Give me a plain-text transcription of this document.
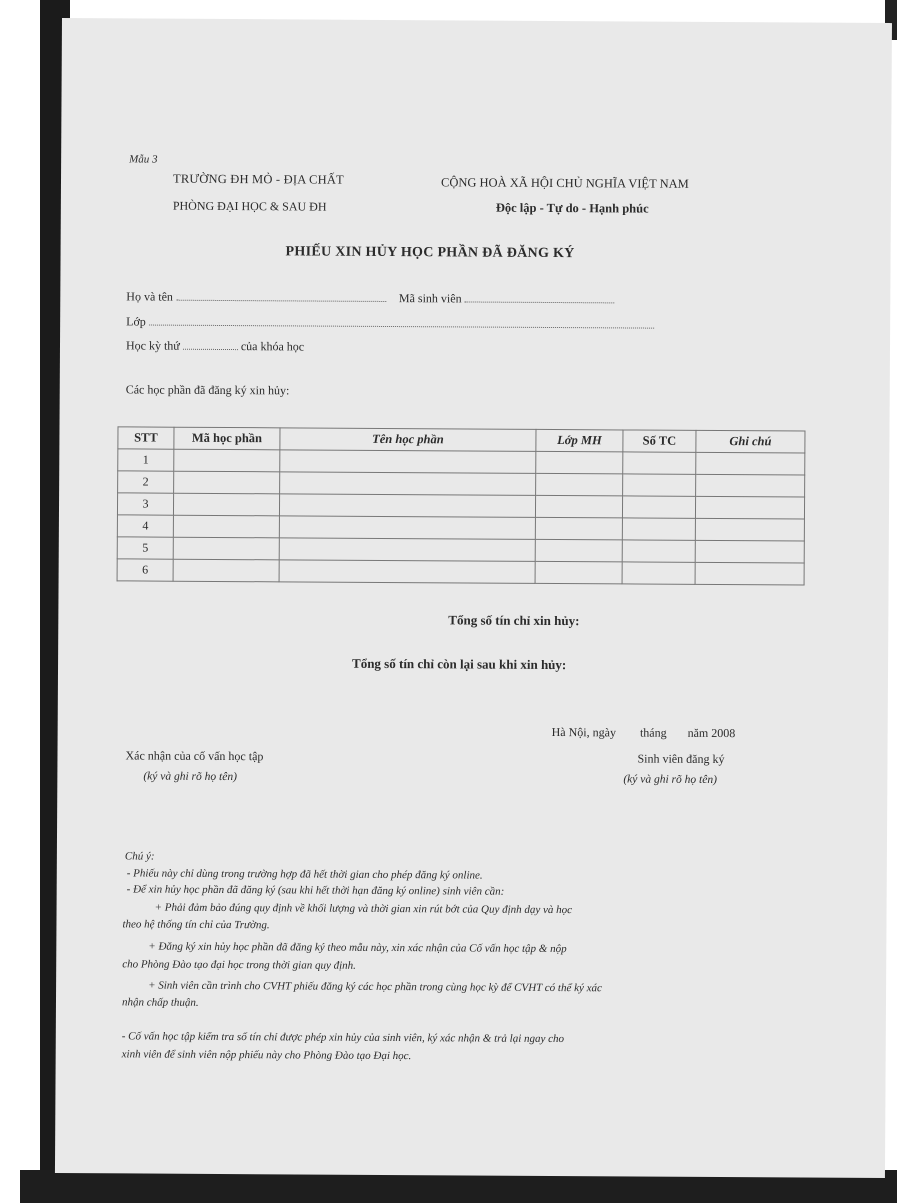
Mẫu 3
TRƯỜNG ĐH MỎ - ĐỊA CHẤT
PHÒNG ĐẠI HỌC & SAU ĐH
CỘNG HOÀ XÃ HỘI CHỦ NGHĨA VIỆT NAM
Độc lập - Tự do - Hạnh phúc
PHIẾU XIN HỦY HỌC PHẦN ĐÃ ĐĂNG KÝ
Họ và tên	Mã sinh viên
Lớp
Học kỳ thứ	của khóa học
Các học phần đã đăng ký xin hủy:
STT	Mã học phần	Tên học phần	Lớp MH	Số TC	Ghi chú
1					
2					
3					
4					
5					
6					
Tổng số tín chỉ xin hủy:
Tổng số tín chỉ còn lại sau khi xin hủy:
Hà Nội, ngày        tháng       năm 2008
Xác nhận của cố vấn học tập
(ký và ghi rõ họ tên)
Sinh viên đăng ký
(ký và ghi rõ họ tên)
Chú ý:
- Phiếu này chỉ dùng trong trường hợp đã hết thời gian cho phép đăng ký online.
- Để xin hủy học phần đã đăng ký (sau khi hết thời hạn đăng ký online) sinh viên cần:
+ Phải đảm bảo đúng quy định về khối lượng và thời gian xin rút bớt của Quy định dạy và học
theo hệ thống tín chỉ của Trường.
+ Đăng ký xin hủy học phần đã đăng ký theo mẫu này, xin xác nhận của Cố vấn học tập & nộp
cho Phòng Đào tạo đại học trong thời gian quy định.
+ Sinh viên cần trình cho CVHT phiếu đăng ký các học phần trong cùng học kỳ để CVHT có thể ký xác
nhận chấp thuận.
- Cố vấn học tập kiểm tra số tín chỉ được phép xin hủy của sinh viên, ký xác nhận & trả lại ngay cho
xinh viên để sinh viên nộp phiếu này cho Phòng Đào tạo Đại học.
